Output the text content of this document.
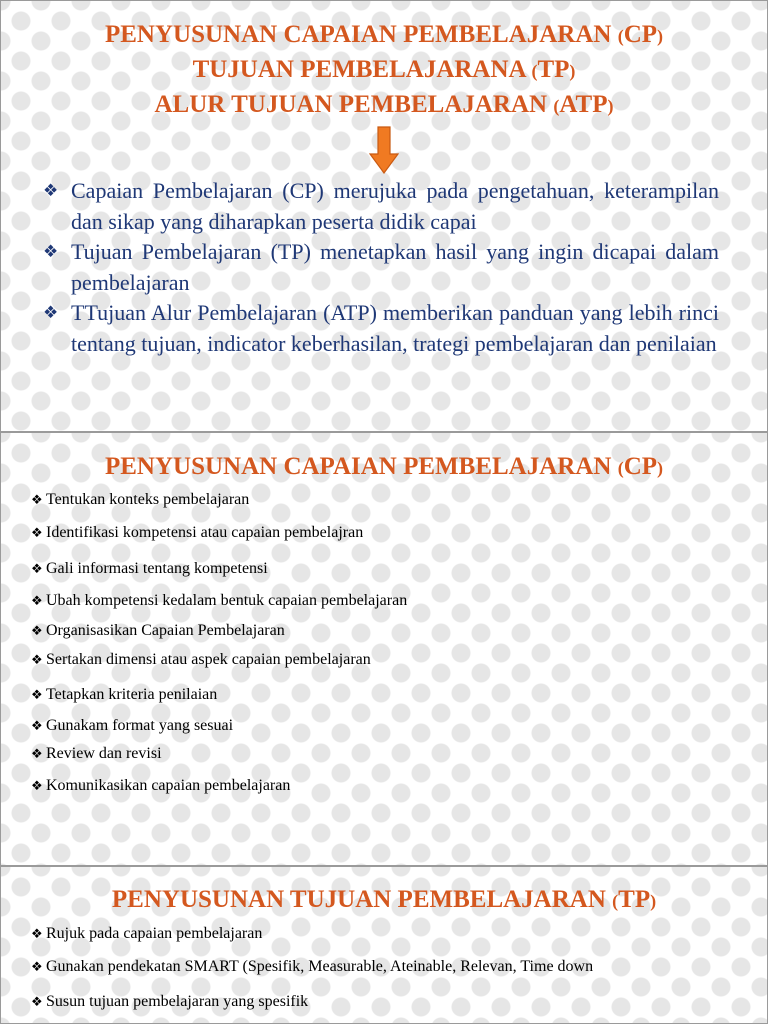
PENYUSUNAN CAPAIAN PEMBELAJARAN (CP)
TUJUAN PEMBELAJARANA (TP)
ALUR TUJUAN PEMBELAJARAN (ATP)
❖ Capaian Pembelajaran (CP) merujuka pada pengetahuan, keterampilan dan sikap yang diharapkan peserta didik capai
❖ Tujuan Pembelajaran (TP) menetapkan hasil yang ingin dicapai dalam pembelajaran
❖ TTujuan Alur Pembelajaran (ATP) memberikan panduan yang lebih rinci tentang tujuan, indicator keberhasilan, trategi pembelajaran dan penilaian
PENYUSUNAN CAPAIAN PEMBELAJARAN (CP)
❖ Tentukan konteks pembelajaran
❖ Identifikasi kompetensi atau capaian pembelajran
❖ Gali informasi tentang kompetensi
❖ Ubah kompetensi kedalam bentuk capaian pembelajaran
❖ Organisasikan Capaian Pembelajaran
❖ Sertakan dimensi atau aspek capaian pembelajaran
❖ Tetapkan kriteria penilaian
❖ Gunakam format yang sesuai
❖ Review dan revisi
❖ Komunikasikan capaian pembelajaran
PENYUSUNAN TUJUAN PEMBELAJARAN (TP)
❖ Rujuk pada capaian pembelajaran
❖ Gunakan pendekatan SMART (Spesifik, Measurable, Ateinable, Relevan, Time down
❖ Susun tujuan pembelajaran yang spesifik
